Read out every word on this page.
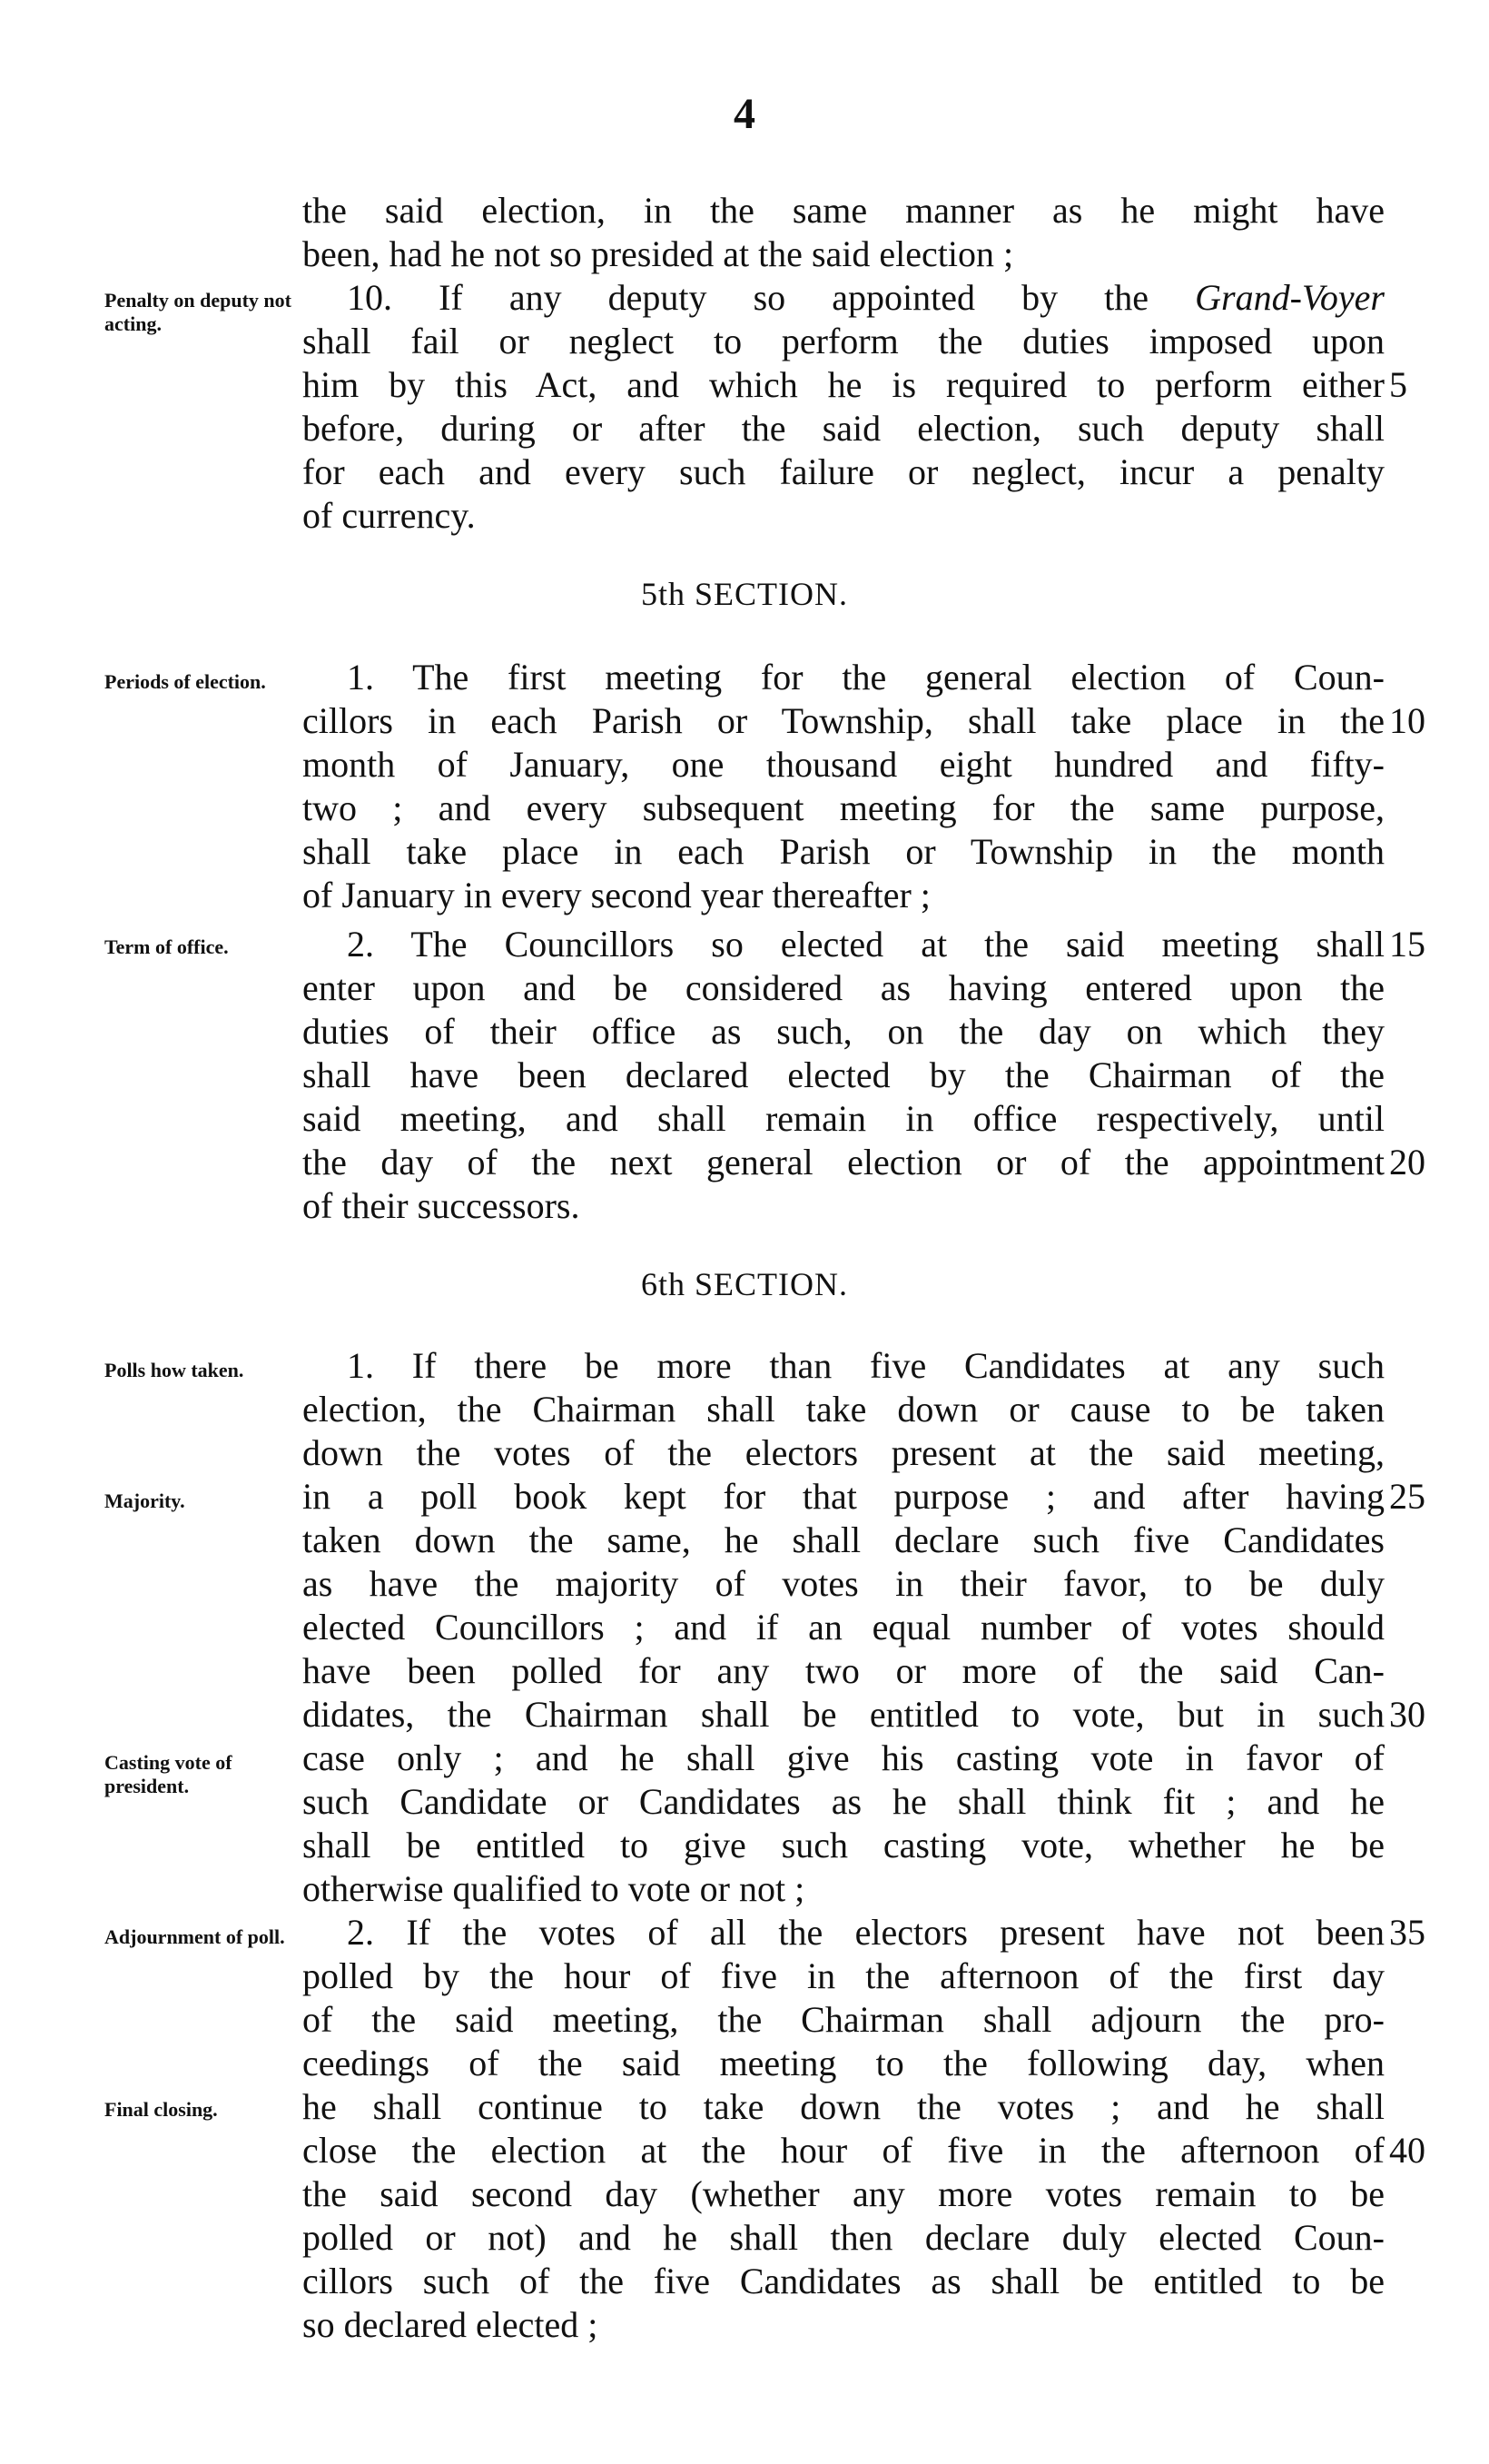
4
the said election, in the same manner as he might have
been, had he not so presided at the said election ;
Penalty on deputy not acting.
10. If any deputy so appointed by the Grand-Voyer
shall fail or neglect to perform the duties imposed upon
him by this Act, and which he is required to perform either 5
before, during or after the said election, such deputy shall
for each and every such failure or neglect, incur a penalty
of currency.
5th SECTION.
Periods of election.	1. The first meeting for the general election of Coun-
cillors in each Parish or Township, shall take place in the 10
month of January, one thousand eight hundred and fifty-
two ; and every subsequent meeting for the same purpose,
shall take place in each Parish or Township in the month
of January in every second year thereafter ;
Term of office.	2. The Councillors so elected at the said meeting shall 15
enter upon and be considered as having entered upon the
duties of their office as such, on the day on which they
shall have been declared elected by the Chairman of the
said meeting, and shall remain in office respectively, until
the day of the next general election or of the appointment 20
of their successors.
6th SECTION.
Polls how taken.	1. If there be more than five Candidates at any such
election, the Chairman shall take down or cause to be taken
down the votes of the electors present at the said meeting,
Majority.	in a poll book kept for that purpose ; and after having 25
taken down the same, he shall declare such five Candidates
as have the majority of votes in their favor, to be duly
elected Councillors ; and if an equal number of votes should
have been polled for any two or more of the said Can-
didates, the Chairman shall be entitled to vote, but in such 30
Casting vote of president.
case only ; and he shall give his casting vote in favor of
such Candidate or Candidates as he shall think fit ; and he
shall be entitled to give such casting vote, whether he be
otherwise qualified to vote or not ;
Adjournment of poll.	2. If the votes of all the electors present have not been 35
polled by the hour of five in the afternoon of the first day
of the said meeting, the Chairman shall adjourn the pro-
ceedings of the said meeting to the following day, when
Final closing.	he shall continue to take down the votes ; and he shall
close the election at the hour of five in the afternoon of 40
the said second day (whether any more votes remain to be
polled or not) and he shall then declare duly elected Coun-
cillors such of the five Candidates as shall be entitled to be
so declared elected ;
